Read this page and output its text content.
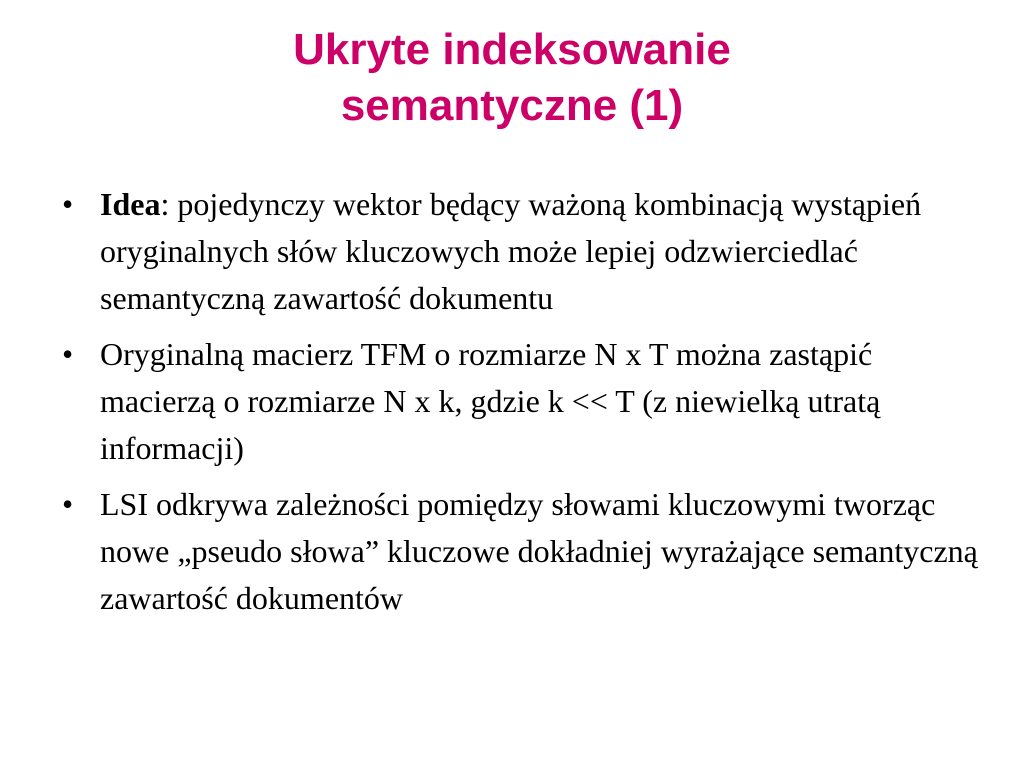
Ukryte indeksowanie
semantyczne (1)
• Idea: pojedynczy wektor będący ważoną kombinacją wystąpień oryginalnych słów kluczowych może lepiej odzwierciedlać semantyczną zawartość dokumentu
• Oryginalną macierz TFM o rozmiarze N x T można zastąpić macierzą o rozmiarze N x k, gdzie k << T (z niewielką utratą informacji)
• LSI odkrywa zależności pomiędzy słowami kluczowymi tworząc nowe „pseudo słowa” kluczowe dokładniej wyrażające semantyczną zawartość dokumentów
